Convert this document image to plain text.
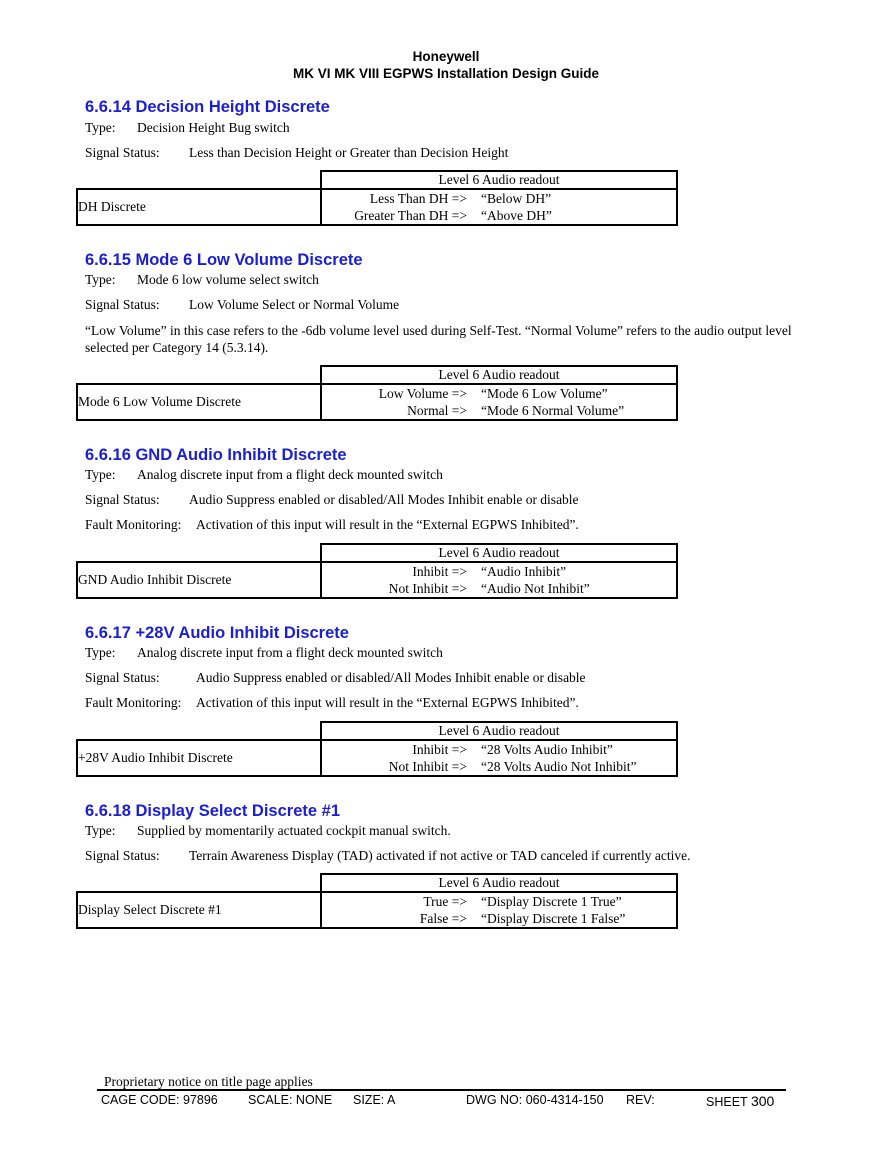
Honeywell
MK VI MK VIII EGPWS Installation Design Guide
6.6.14 Decision Height Discrete
Type: Decision Height Bug switch
Signal Status: Less than Decision Height or Greater than Decision Height
	Level 6 Audio readout
DH Discrete	Less Than DH => “Below DH”
Greater Than DH => “Above DH”
6.6.15 Mode 6 Low Volume Discrete
Type: Mode 6 low volume select switch
Signal Status: Low Volume Select or Normal Volume
“Low Volume” in this case refers to the -6db volume level used during Self-Test. “Normal Volume” refers to the audio output level selected per Category 14 (5.3.14).
	Level 6 Audio readout
Mode 6 Low Volume Discrete	Low Volume => “Mode 6 Low Volume”
Normal => “Mode 6 Normal Volume”
6.6.16 GND Audio Inhibit Discrete
Type: Analog discrete input from a flight deck mounted switch
Signal Status: Audio Suppress enabled or disabled/All Modes Inhibit enable or disable
Fault Monitoring: Activation of this input will result in the “External EGPWS Inhibited”.
	Level 6 Audio readout
GND Audio Inhibit Discrete	Inhibit => “Audio Inhibit”
Not Inhibit => “Audio Not Inhibit”
6.6.17 +28V Audio Inhibit Discrete
Type: Analog discrete input from a flight deck mounted switch
Signal Status:	Audio Suppress enabled or disabled/All Modes Inhibit enable or disable
Fault Monitoring: Activation of this input will result in the “External EGPWS Inhibited”.
	Level 6 Audio readout
+28V Audio Inhibit Discrete	Inhibit => “28 Volts Audio Inhibit”
Not Inhibit => “28 Volts Audio Not Inhibit”
6.6.18 Display Select Discrete #1
Type: Supplied by momentarily actuated cockpit manual switch.
Signal Status: Terrain Awareness Display (TAD) activated if not active or TAD canceled if currently active.
	Level 6 Audio readout
Display Select Discrete #1	True => “Display Discrete 1 True”
False => “Display Discrete 1 False”
Proprietary notice on title page applies
CAGE CODE: 97896 SCALE: NONE SIZE: A	DWG NO: 060-4314-150 REV:	SHEET 300
